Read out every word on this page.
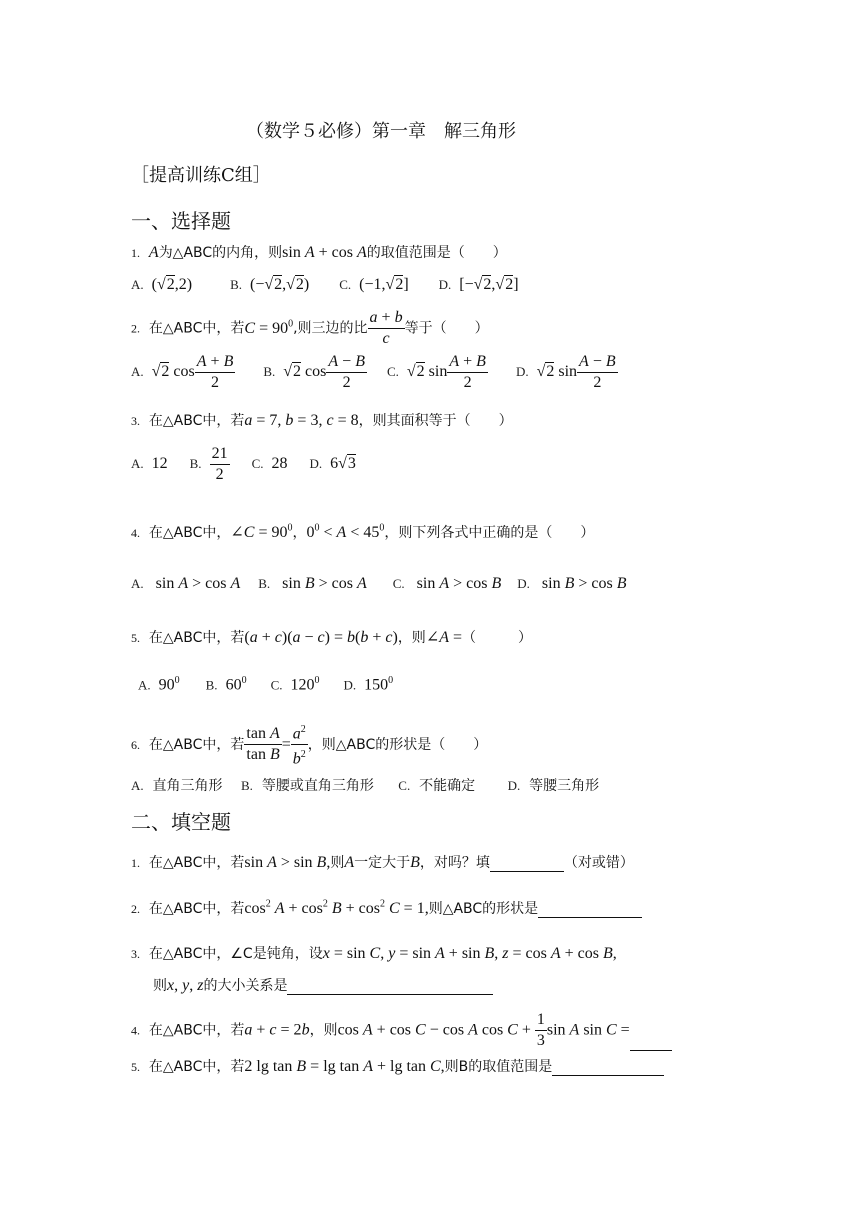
（数学５必修）第一章　解三角形
［提高训练C组］
一、选择题
1. A为△ABC的内角，则sin A + cos A的取值范围是（　　）
A.  (√2,2)	B.  (−√2,√2) C.  (−1,√2] D.  [−√2,√2]
2. 在△ABC中，若$C = 90^0$,则三边的比 $\frac{a + b}{c}$ 等于（　　）
A.  √2 $\cos \frac{A + B}{2} B$.  √2 $\cos \frac{A - B}{2} C$.  √2 $\sin \frac{A + B}{2} D$.  √2 $\sin \frac{A - B}{2}$
3. 在△ABC中，若a = 7, b = 3, c = 8，则其面积等于（　　）
A. 12 B. $\frac{21}{2} C$. 28 D.  6√3
4. 在△ABC中，∠C = $90^0$，$0^0 < A < 45^0$，则下列各式中正确的是（　　）
A.   sin A > cos A B.   sin B > cos A C.   sin A > cos B D.   sin B > cos B
5. 在△ABC中，若(a + c)(a − c) = b(b + c)，则∠A =（　　　）
A. $90^0$ B. $60^0$ C. $120^0$ D. $150^0$
6. 在△ABC中，若 $\frac{\text{tan A}}{\text{tan B}} = \frac{a^2}{b^2}$ ，则△ABC的形状是（　　）
A. 直角三角形 B. 等腰或直角三角形 C. 不能确定 D. 等腰三角形
二、填空题
1. 在△ABC中，若sin A > sin B,则A一定大于B，对吗？填	（对或错）
2. 在△ABC中，若$\cos^2 A + \cos^2 B + \cos^2 C = 1$,则△ABC的形状是
3. 在△ABC中，∠C是钝角，设x = sin C, y = sin A + sin B, z = cos A + cos B,
则x, y, z的大小关系是
4. 在△ABC中，若a + c = 2b，则cos A + cos C − cos A $\cos C + \frac{1}{3}$ sin A sin C =
5. 在△ABC中，若2 lg tan B = lg tan A + lg tan C,则B的取值范围是
